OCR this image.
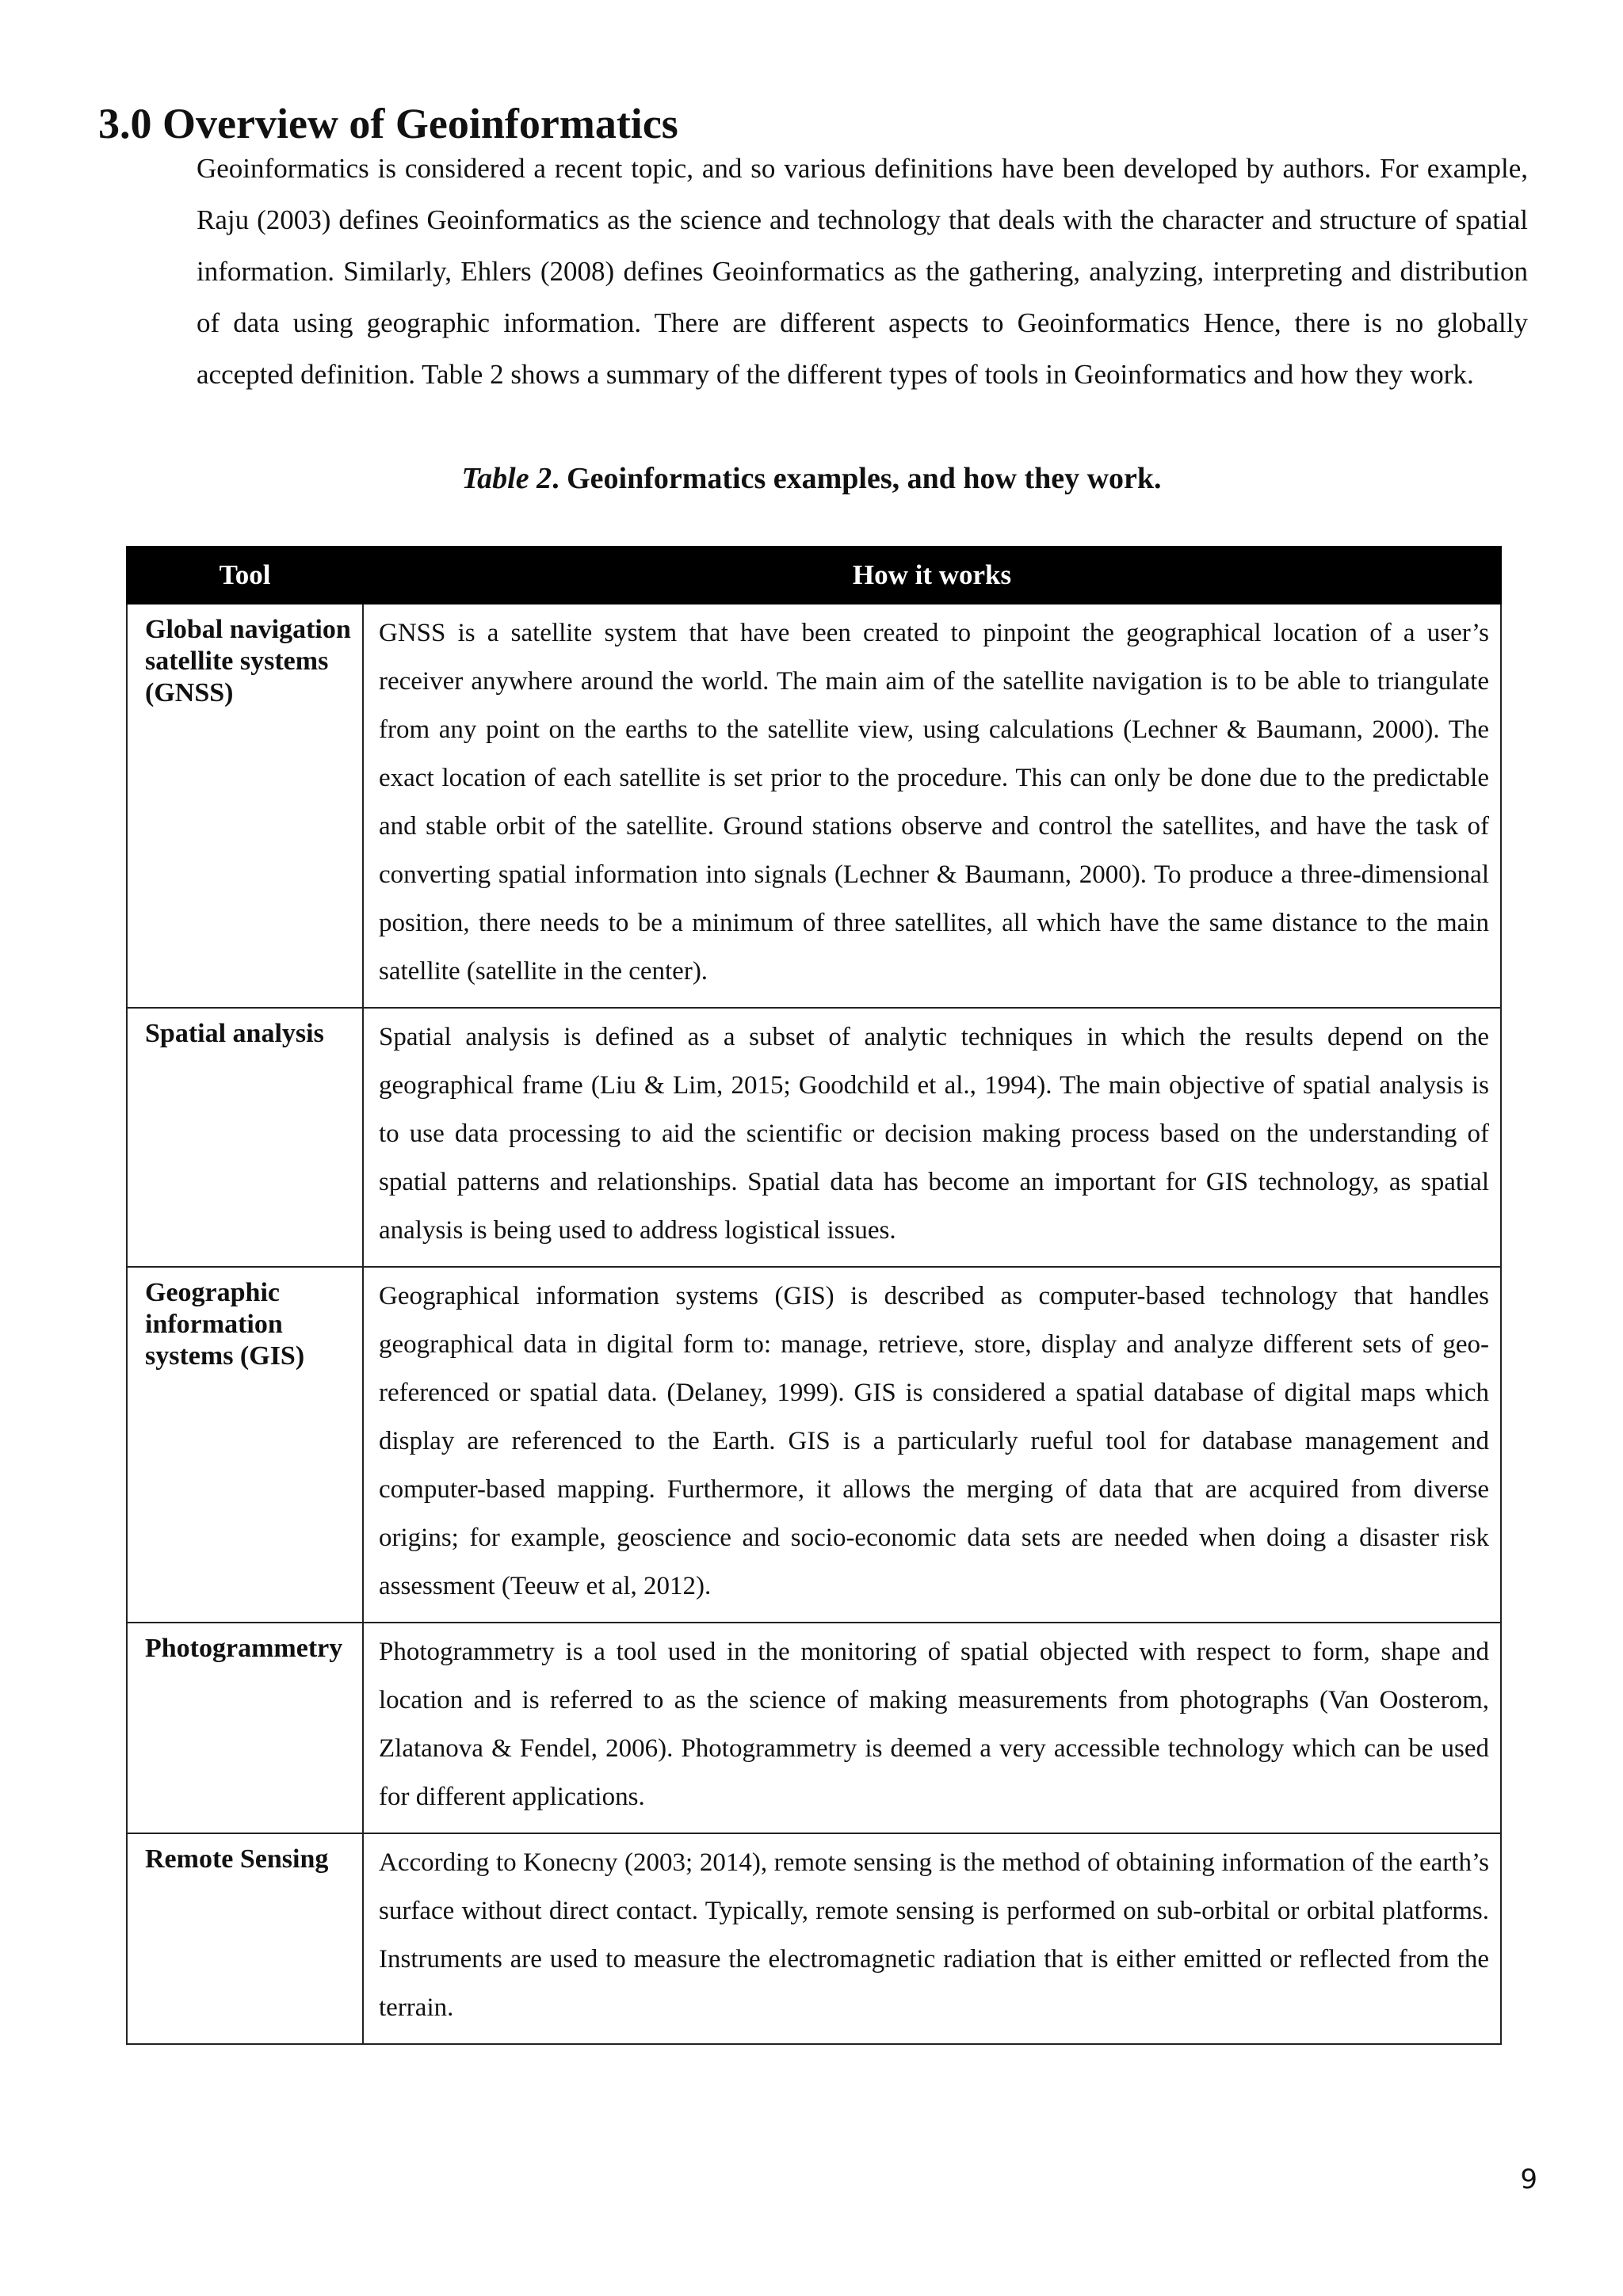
3.0 Overview of Geoinformatics

Geoinformatics is considered a recent topic, and so various definitions have been developed by authors. For example, Raju (2003) defines Geoinformatics as the science and technology that deals with the character and structure of spatial information. Similarly, Ehlers (2008) defines Geoinformatics as the gathering, analyzing, interpreting and distribution of data using geographic information. There are different aspects to Geoinformatics Hence, there is no globally accepted definition. Table 2 shows a summary of the different types of tools in Geoinformatics and how they work.

Table 2. Geoinformatics examples, and how they work.

Tool	How it works
Global navigation satellite systems (GNSS)	GNSS is a satellite system that have been created to pinpoint the geographical location of a user’s receiver anywhere around the world. The main aim of the satellite navigation is to be able to triangulate from any point on the earths to the satellite view, using calculations (Lechner & Baumann, 2000). The exact location of each satellite is set prior to the procedure. This can only be done due to the predictable and stable orbit of the satellite. Ground stations observe and control the satellites, and have the task of converting spatial information into signals (Lechner & Baumann, 2000). To produce a three-dimensional position, there needs to be a minimum of three satellites, all which have the same distance to the main satellite (satellite in the center).
Spatial analysis	Spatial analysis is defined as a subset of analytic techniques in which the results depend on the geographical frame (Liu & Lim, 2015; Goodchild et al., 1994). The main objective of spatial analysis is to use data processing to aid the scientific or decision making process based on the understanding of spatial patterns and relationships. Spatial data has become an important for GIS technology, as spatial analysis is being used to address logistical issues.
Geographic information systems (GIS)	Geographical information systems (GIS) is described as computer-based technology that handles geographical data in digital form to: manage, retrieve, store, display and analyze different sets of geo-referenced or spatial data. (Delaney, 1999). GIS is considered a spatial database of digital maps which display are referenced to the Earth. GIS is a particularly rueful tool for database management and computer-based mapping. Furthermore, it allows the merging of data that are acquired from diverse origins; for example, geoscience and socio-economic data sets are needed when doing a disaster risk assessment (Teeuw et al, 2012).
Photogrammetry	Photogrammetry is a tool used in the monitoring of spatial objected with respect to form, shape and location and is referred to as the science of making measurements from photographs (Van Oosterom, Zlatanova & Fendel, 2006). Photogrammetry is deemed a very accessible technology which can be used for different applications.
Remote Sensing	According to Konecny (2003; 2014), remote sensing is the method of obtaining information of the earth’s surface without direct contact. Typically, remote sensing is performed on sub-orbital or orbital platforms. Instruments are used to measure the electromagnetic radiation that is either emitted or reflected from the terrain.
9
